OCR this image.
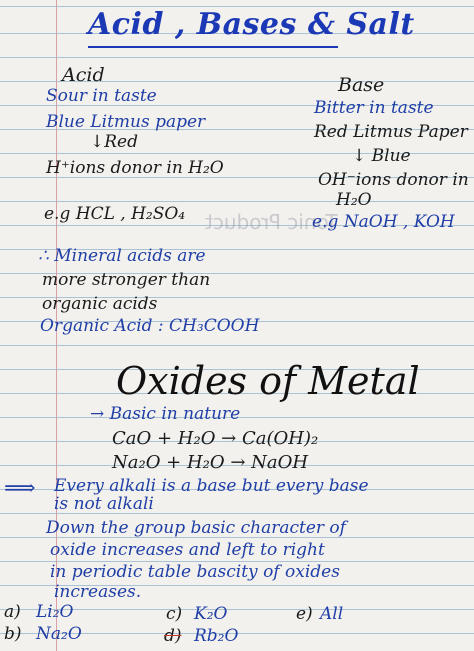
Tonic Product
Acid , Bases & Salt
Acid
Sour in taste
Blue Litmus paper
↓Red
H⁺ions donor in H₂O
e.g HCL , H₂SO₄
Base
Bitter in taste
Red Litmus Paper
↓ Blue
OH⁻ions donor in
H₂O
e.g NaOH , KOH
∴ Mineral acids are
more stronger than
organic acids
Organic Acid : CH₃COOH
Oxides of Metal
→ Basic in nature
CaO + H₂O → Ca(OH)₂
Na₂O + H₂O → NaOH
⟹ Every alkali is a base but every base
is not alkali
Down the group basic character of
oxide increases and left to right
in periodic table bascity of oxides
increases.
a) Li₂O
b) Na₂O
c) K₂O
d) Rb₂O
e) All
